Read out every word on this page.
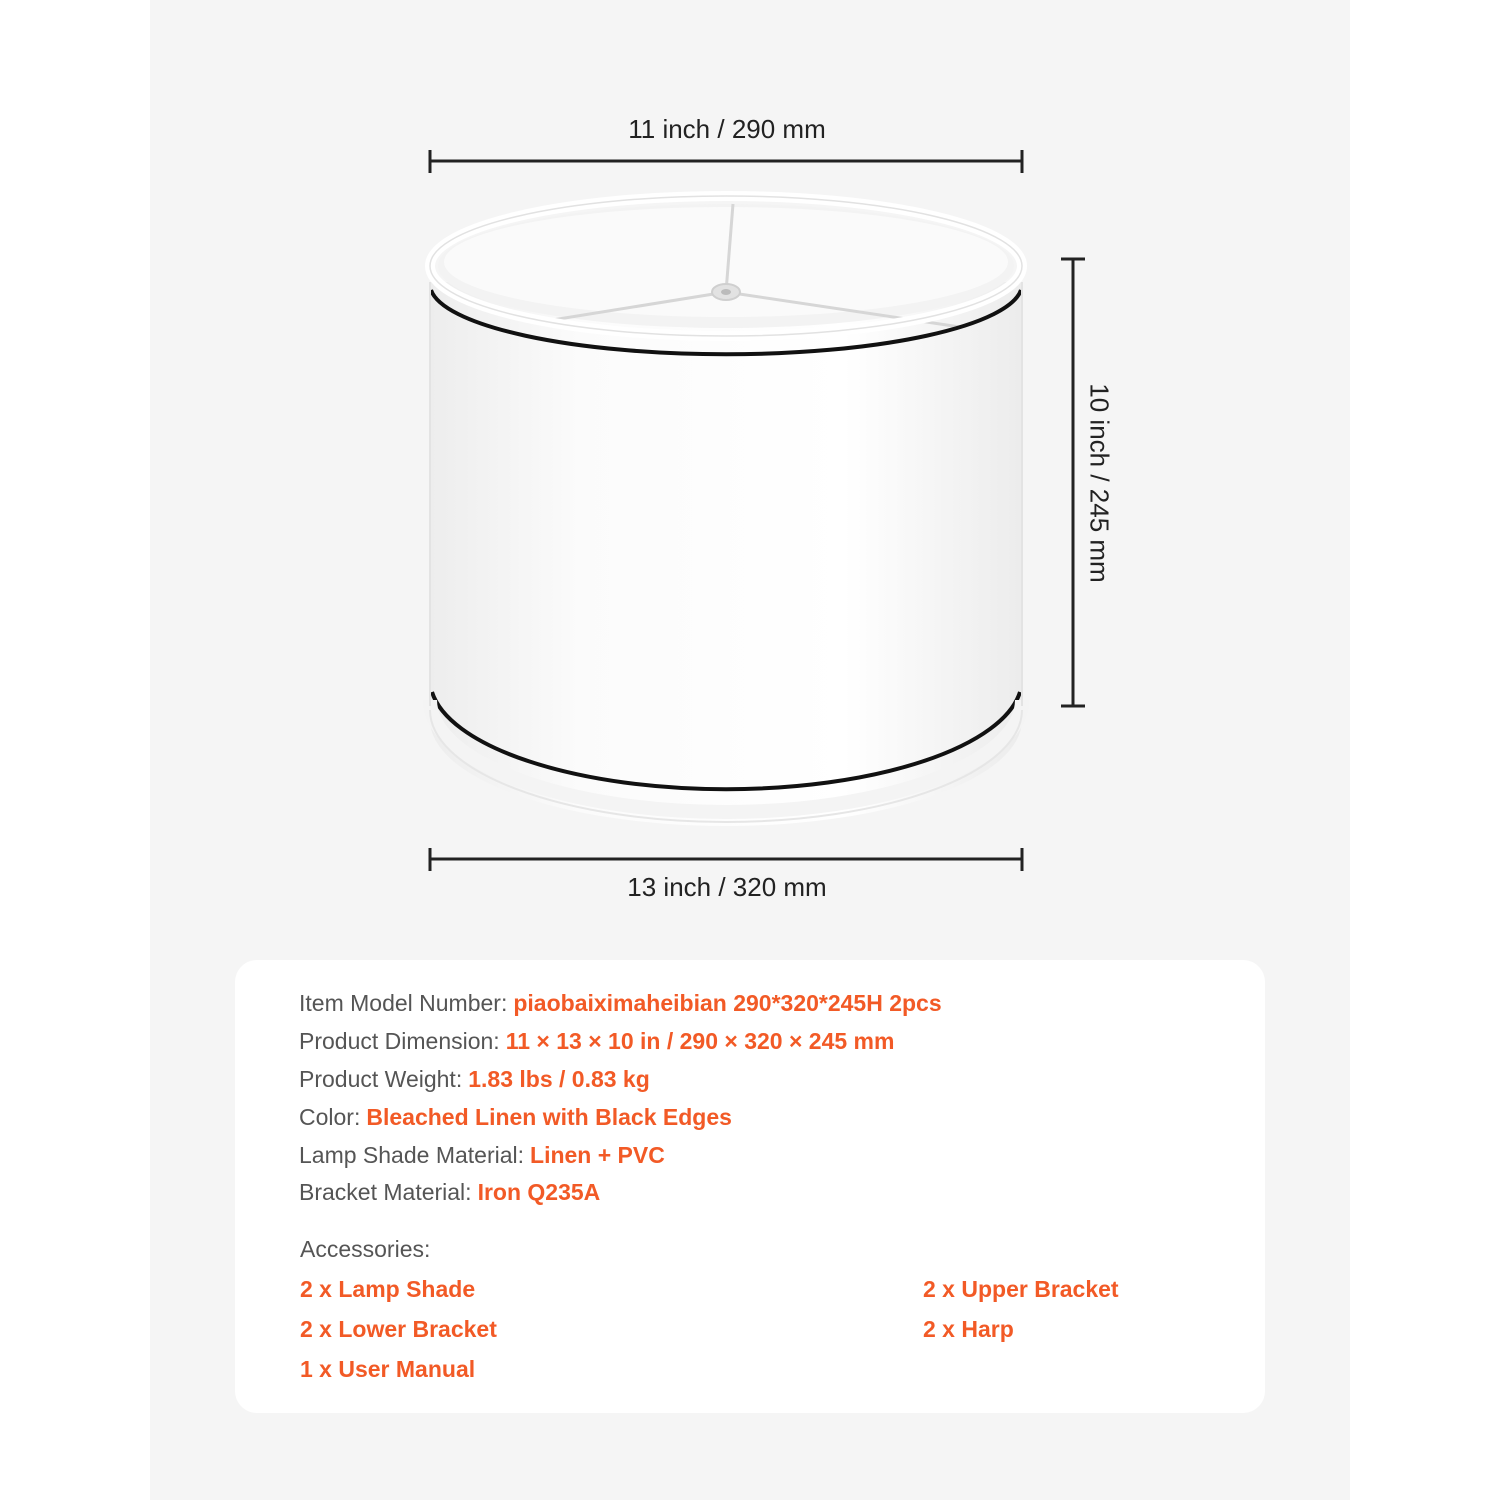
11 inch / 290 mm
13 inch / 320 mm
10 inch / 245 mm
Item Model Number: piaobaiximaheibian 290*320*245H 2pcs
Product Dimension: 11 × 13 × 10 in / 290 × 320 × 245 mm
Product Weight: 1.83 lbs / 0.83 kg
Color: Bleached Linen with Black Edges
Lamp Shade Material: Linen + PVC
Bracket Material: Iron Q235A
Accessories:
2 x Lamp Shade	2 x Upper Bracket
2 x Lower Bracket	2 x Harp
1 x User Manual
